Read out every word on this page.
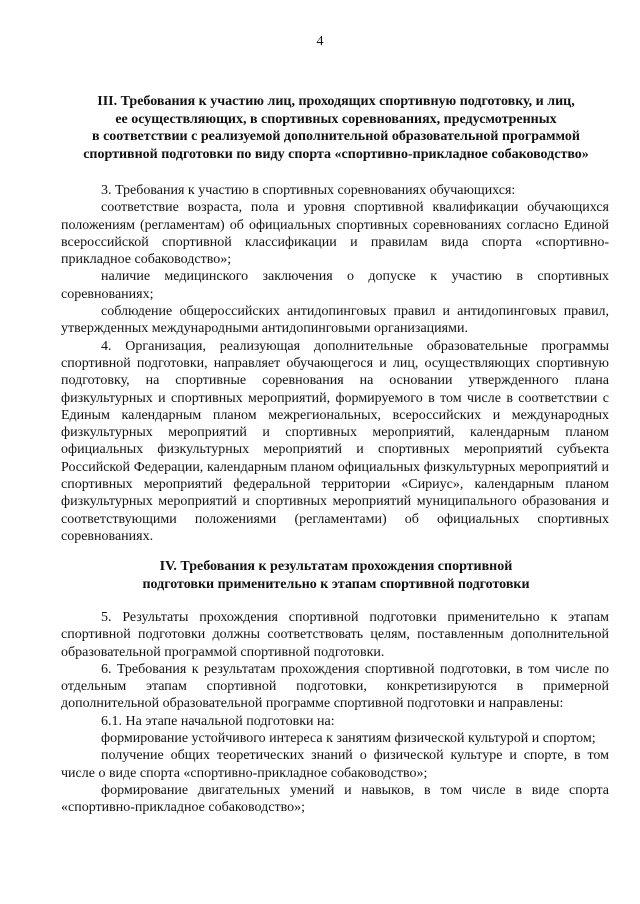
4
III. Требования к участию лиц, проходящих спортивную подготовку, и лиц,
ее осуществляющих, в спортивных соревнованиях, предусмотренных
в соответствии с реализуемой дополнительной образовательной программой
спортивной подготовки по виду спорта «спортивно-прикладное собаководство»

3. Требования к участию в спортивных соревнованиях обучающихся:

соответствие возраста, пола и уровня спортивной квалификации обучающихся положениям (регламентам) об официальных спортивных соревнованиях согласно Единой всероссийской спортивной классификации и правилам вида спорта «спортивно-прикладное собаководство»;

наличие медицинского заключения о допуске к участию в спортивных соревнованиях;

соблюдение общероссийских антидопинговых правил и антидопинговых правил, утвержденных международными антидопинговыми организациями.

4. Организация, реализующая дополнительные образовательные программы спортивной подготовки, направляет обучающегося и лиц, осуществляющих спортивную подготовку, на спортивные соревнования на основании утвержденного плана физкультурных и спортивных мероприятий, формируемого в том числе в соответствии с Единым календарным планом межрегиональных, всероссийских и международных физкультурных мероприятий и спортивных мероприятий, календарным планом официальных физкультурных мероприятий и спортивных мероприятий субъекта Российской Федерации, календарным планом официальных физкультурных мероприятий и спортивных мероприятий федеральной территории «Сириус», календарным планом физкультурных мероприятий и спортивных мероприятий муниципального образования и соответствующими положениями (регламентами) об официальных спортивных соревнованиях.

IV. Требования к результатам прохождения спортивной
подготовки применительно к этапам спортивной подготовки

5. Результаты прохождения спортивной подготовки применительно к этапам спортивной подготовки должны соответствовать целям, поставленным дополнительной образовательной программой спортивной подготовки.

6. Требования к результатам прохождения спортивной подготовки, в том числе по отдельным этапам спортивной подготовки, конкретизируются в примерной дополнительной образовательной программе спортивной подготовки и направлены:

6.1. На этапе начальной подготовки на:

формирование устойчивого интереса к занятиям физической культурой и спортом;

получение общих теоретических знаний о физической культуре и спорте, в том числе о виде спорта «спортивно-прикладное собаководство»;

формирование двигательных умений и навыков, в том числе в виде спорта «спортивно-прикладное собаководство»;
